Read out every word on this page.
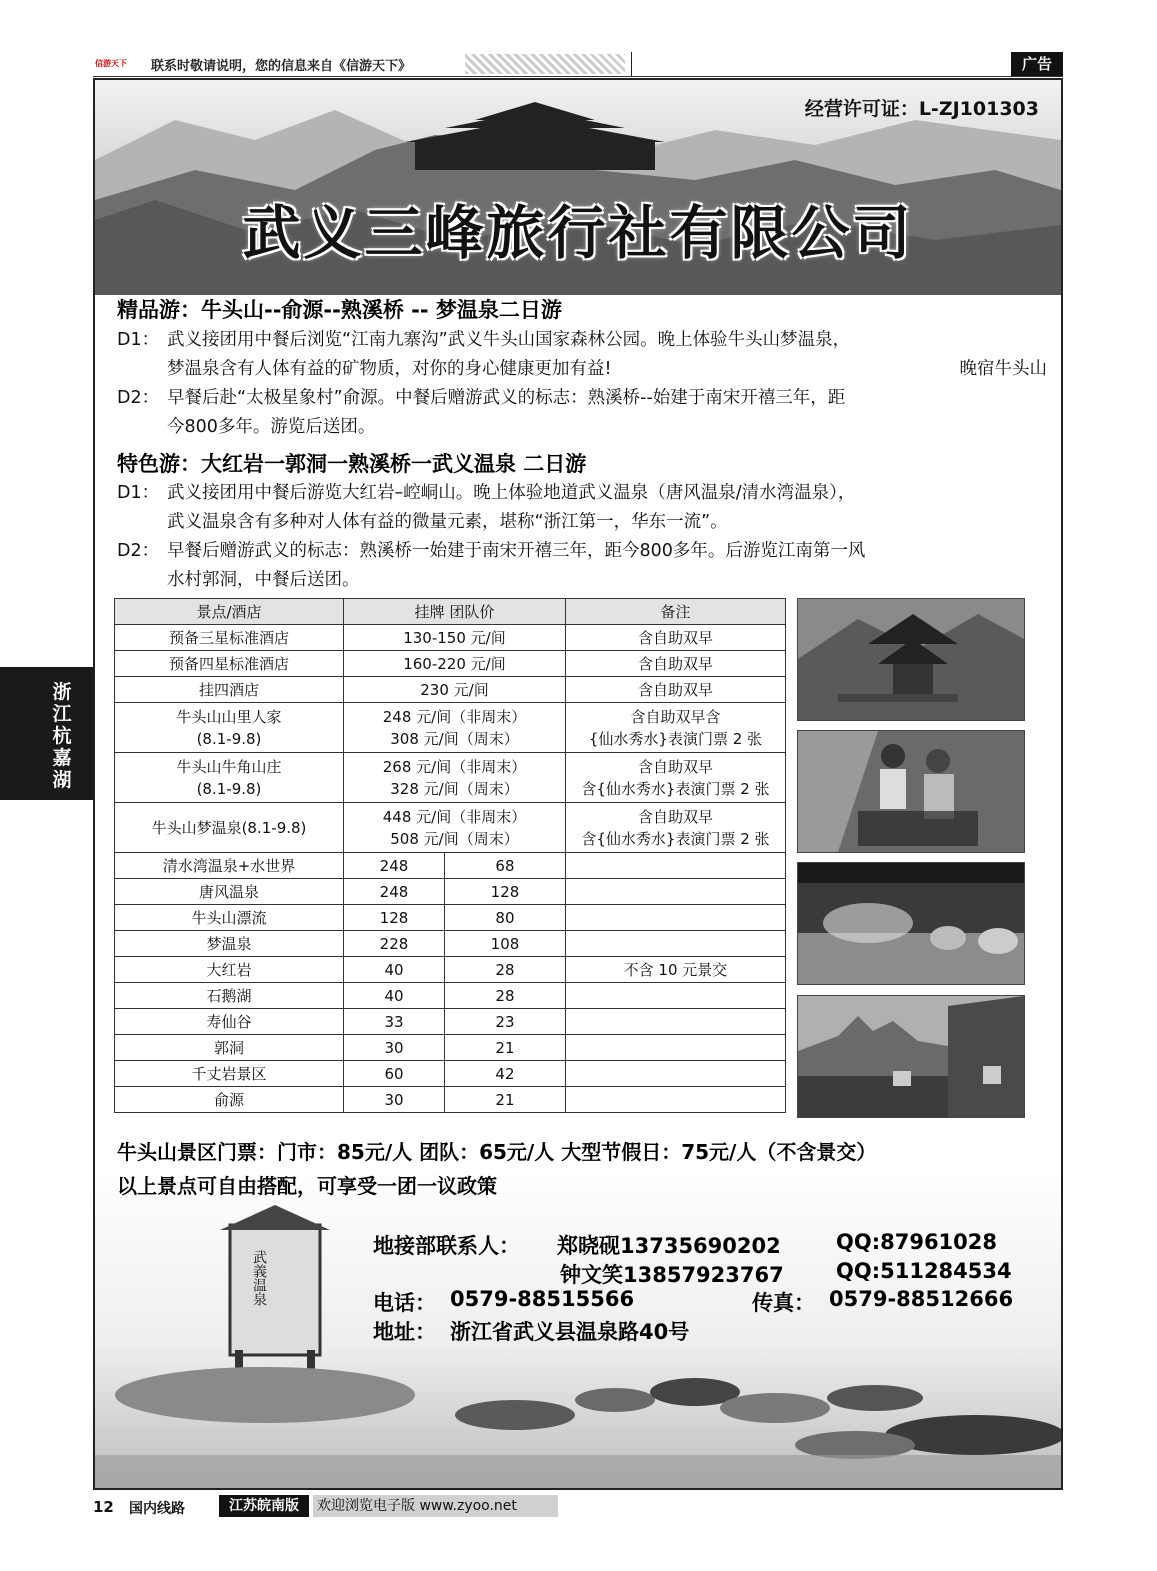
信游天下	联系时敬请说明，您的信息来自《信游天下》	广告
经营许可证：L-ZJ101303
武义三峰旅行社有限公司
精品游：牛头山--俞源--熟溪桥 -- 梦温泉二日游
D1： 武义接团用中餐后浏览“江南九寨沟”武义牛头山国家森林公园。晚上体验牛头山梦温泉，
晚宿牛头山
梦温泉含有人体有益的矿物质，对你的身心健康更加有益!
D2： 早餐后赴“太极星象村”俞源。中餐后赠游武义的标志：熟溪桥--始建于南宋开禧三年，距
今800多年。游览后送团。
特色游：大红岩一郭洞一熟溪桥一武义温泉 二日游
D1： 武义接团用中餐后游览大红岩–崆峒山。晚上体验地道武义温泉（唐风温泉/清水湾温泉），
武义温泉含有多种对人体有益的微量元素，堪称“浙江第一，华东一流”。
D2： 早餐后赠游武义的标志：熟溪桥一始建于南宋开禧三年，距今800多年。后游览江南第一风
水村郭洞，中餐后送团。
景点/酒店	挂牌 团队价		备注
预备三星标准酒店	130-150 元/间		含自助双早
预备四星标准酒店	160-220 元/间		含自助双早
挂四酒店	230 元/间		含自助双早
牛头山山里人家
(8.1-9.8)	248 元/间（非周末）
308 元/间（周末）		含自助双早含
{仙水秀水}表演门票 2 张
牛头山牛角山庄
(8.1-9.8)	268 元/间（非周末）
328 元/间（周末）		含自助双早
含{仙水秀水}表演门票 2 张
牛头山梦温泉(8.1-9.8)	448 元/间（非周末）
508 元/间（周末）		含自助双早
含{仙水秀水}表演门票 2 张
清水湾温泉+水世界	248	68	
唐风温泉	248	128	
牛头山漂流	128	80	
梦温泉	228	108	
大红岩	40	28	不含 10 元景交
石鹅湖	40	28	
寿仙谷	33	23	
郭洞	30	21	
千丈岩景区	60	42	
俞源	30	21	
浙江杭嘉湖
武義温泉
牛头山景区门票：门市：85元/人 团队：65元/人 大型节假日：75元/人（不含景交）
以上景点可自由搭配，可享受一团一议政策
地接部联系人： 郑晓砚13735690202	QQ:87961028
钟文笑13857923767 QQ:511284534
电话： 0579-88515566	传真： 0579-88512666
地址： 浙江省武义县温泉路40号
12 国内线路	江苏皖南版	欢迎浏览电子版 www.zyoo.net
